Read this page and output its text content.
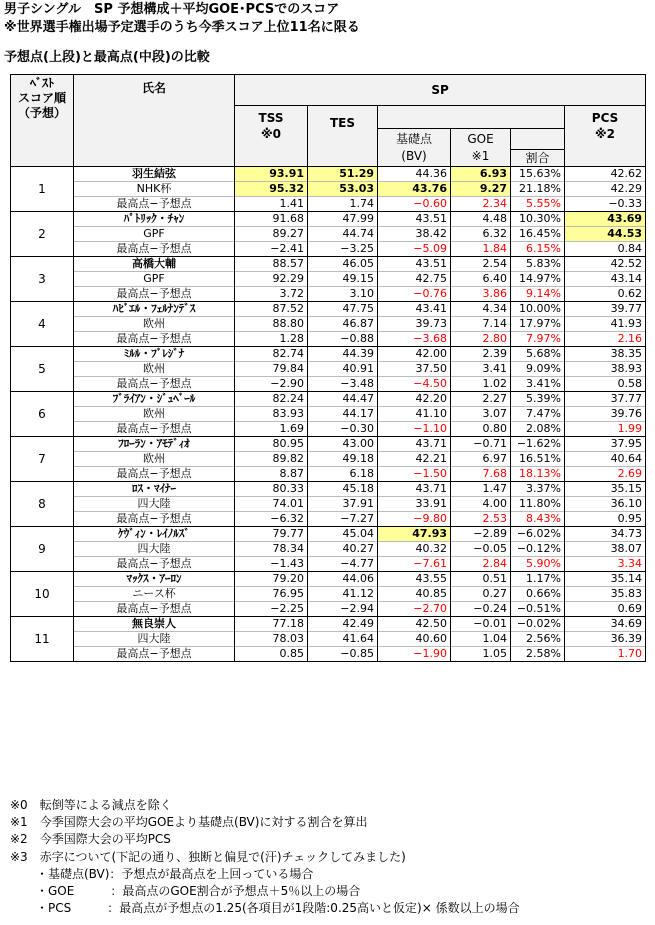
男子シングル　SP 予想構成＋平均GOE･PCSでのスコア
※世界選手権出場予定選手のうち今季スコア上位11名に限る
予想点(上段)と最高点(中段)の比較
ﾍﾞｽﾄ
スコア順
（予想）	氏名	SP					
		TSS
※0	TES				PCS
※2
				基礎点
(BV)	GOE
※1		
						割合	
1	羽生結弦	93.91	51.29	44.36	6.93	15.63%	42.62
	NHK杯	95.32	53.03	43.76	9.27	21.18%	42.29
	最高点−予想点	1.41	1.74	−0.60	2.34	5.55%	−0.33
2	ﾊﾟﾄﾘｯｸ・ﾁｬﾝ	91.68	47.99	43.51	4.48	10.30%	43.69
	GPF	89.27	44.74	38.42	6.32	16.45%	44.53
	最高点−予想点	−2.41	−3.25	−5.09	1.84	6.15%	0.84
3	高橋大輔	88.57	46.05	43.51	2.54	5.83%	42.52
	GPF	92.29	49.15	42.75	6.40	14.97%	43.14
	最高点−予想点	3.72	3.10	−0.76	3.86	9.14%	0.62
4	ﾊﾋﾞｴﾙ・ﾌｪﾙﾅﾝﾃﾞｽ	87.52	47.75	43.41	4.34	10.00%	39.77
	欧州	88.80	46.87	39.73	7.14	17.97%	41.93
	最高点−予想点	1.28	−0.88	−3.68	2.80	7.97%	2.16
5	ﾐﾙﾙ・ﾌﾞﾚｼﾞﾅ	82.74	44.39	42.00	2.39	5.68%	38.35
	欧州	79.84	40.91	37.50	3.41	9.09%	38.93
	最高点−予想点	−2.90	−3.48	−4.50	1.02	3.41%	0.58
6	ﾌﾞﾗｲｱﾝ・ｼﾞｭﾍﾞｰﾙ	82.24	44.47	42.20	2.27	5.39%	37.77
	欧州	83.93	44.17	41.10	3.07	7.47%	39.76
	最高点−予想点	1.69	−0.30	−1.10	0.80	2.08%	1.99
7	ﾌﾛｰﾗﾝ・ｱﾓﾃﾞｨｵ	80.95	43.00	43.71	−0.71	−1.62%	37.95
	欧州	89.82	49.18	42.21	6.97	16.51%	40.64
	最高点−予想点	8.87	6.18	−1.50	7.68	18.13%	2.69
8	ﾛｽ・ﾏｲﾅｰ	80.33	45.18	43.71	1.47	3.37%	35.15
	四大陸	74.01	37.91	33.91	4.00	11.80%	36.10
	最高点−予想点	−6.32	−7.27	−9.80	2.53	8.43%	0.95
9	ｹｳﾞｨﾝ・ﾚｲﾉﾙｽﾞ	79.77	45.04	47.93	−2.89	−6.02%	34.73
	四大陸	78.34	40.27	40.32	−0.05	−0.12%	38.07
	最高点−予想点	−1.43	−4.77	−7.61	2.84	5.90%	3.34
10	ﾏｯｸｽ・ｱｰﾛﾝ	79.20	44.06	43.55	0.51	1.17%	35.14
	ニース杯	76.95	41.12	40.85	0.27	0.66%	35.83
	最高点−予想点	−2.25	−2.94	−2.70	−0.24	−0.51%	0.69
11	無良崇人	77.18	42.49	42.50	−0.01	−0.02%	34.69
	四大陸	78.03	41.64	40.60	1.04	2.56%	36.39
	最高点−予想点	0.85	−0.85	−1.90	1.05	2.58%	1.70
※0　転倒等による減点を除く
※1　今季国際大会の平均GOEより基礎点(BV)に対する割合を算出
※2　今季国際大会の平均PCS
※3　赤字について(下記の通り、独断と偏見で(汗)チェックしてみました)
・基礎点(BV)：予想点が最高点を上回っている場合
・GOE　　　：最高点のGOE割合が予想点＋5％以上の場合
・PCS　　　：最高点が予想点の1.25(各項目が1段階:0.25高いと仮定)× 係数以上の場合
